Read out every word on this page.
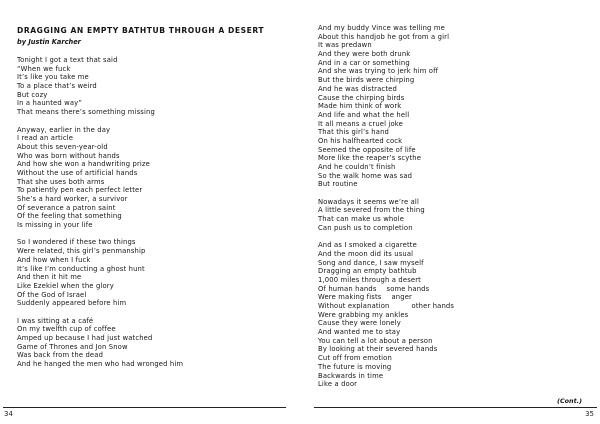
DRAGGING AN EMPTY BATHTUB THROUGH A DESERT

by Justin Karcher

Tonight I got a text that said
“When we fuck
It’s like you take me
To a place that’s weird
But cozy
In a haunted way”
That means there’s something missing
Anyway, earlier in the day
I read an article
About this seven-year-old
Who was born without hands
And how she won a handwriting prize
Without the use of artificial hands
That she uses both arms
To patiently pen each perfect letter
She’s a hard worker, a survivor
Of severance a patron saint
Of the feeling that something
Is missing in your life
So I wondered if these two things
Were related, this girl’s penmanship
And how when I fuck
It’s like I’m conducting a ghost hunt
And then it hit me
Like Ezekiel when the glory
Of the God of Israel
Suddenly appeared before him
I was sitting at a café
On my twelfth cup of coffee
Amped up because I had just watched
Game of Thrones and Jon Snow
Was back from the dead
And he hanged the men who had wronged him
34
And my buddy Vince was telling me
About this handjob he got from a girl
It was predawn
And they were both drunk
And in a car or something
And she was trying to jerk him off
But the birds were chirping
And he was distracted
Cause the chirping birds
Made him think of work
And life and what the hell
It all means a cruel joke
That this girl’s hand
On his halfhearted cock
Seemed the opposite of life
More like the reaper’s scythe
And he couldn’t finish
So the walk home was sad
But routine
Nowadays it seems we’re all
A little severed from the thing
That can make us whole
Can push us to completion
And as I smoked a cigarette
And the moon did its usual
Song and dance, I saw myself
Dragging an empty bathtub
1,000 miles through a desert
Of human hands some hands
Were making fists anger
Without explanation	other hands
Were grabbing my ankles
Cause they were lonely
And wanted me to stay
You can tell a lot about a person
By looking at their severed hands
Cut off from emotion
The future is moving
Backwards in time
Like a door
(Cont.)
35
